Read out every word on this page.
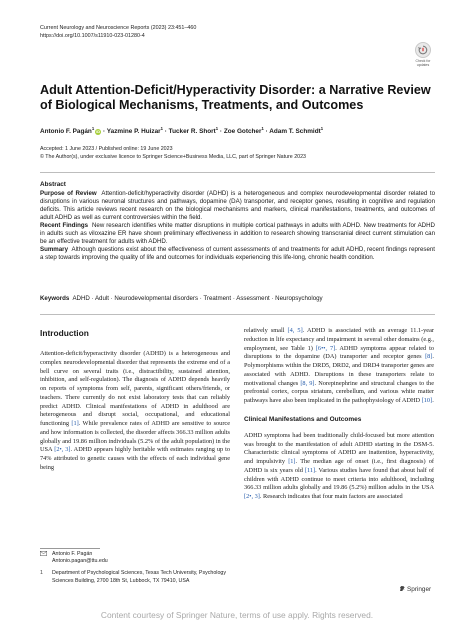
Current Neurology and Neuroscience Reports (2023) 23:451–460
https://doi.org/10.1007/s11910-023-01280-4
Check for
updates
Adult Attention-Deficit/Hyperactivity Disorder: a Narrative Review of Biological Mechanisms, Treatments, and Outcomes
Antonio F. Pagán$^1$iD · Yazmine P. Huizar$^1$ · Tucker R. Short$^1$ · Zoe Gotcher$^1$ · Adam T. Schmidt$^1$
Accepted: 1 June 2023 / Published online: 19 June 2023
© The Author(s), under exclusive licence to Springer Science+Business Media, LLC, part of Springer Nature 2023
Abstract

Purpose of Review Attention-deficit/hyperactivity disorder (ADHD) is a heterogeneous and complex neurodevelopmental disorder related to disruptions in various neuronal structures and pathways, dopamine (DA) transporter, and receptor genes, resulting in cognitive and regulation deficits. This article reviews recent research on the biological mechanisms and markers, clinical manifestations, treatments, and outcomes of adult ADHD as well as current controversies within the field.

Recent Findings New research identifies white matter disruptions in multiple cortical pathways in adults with ADHD. New treatments for ADHD in adults such as viloxazine ER have shown preliminary effectiveness in addition to research showing transcranial direct current stimulation can be an effective treatment for adults with ADHD.

Summary Although questions exist about the effectiveness of current assessments of and treatments for adult ADHD, recent findings represent a step towards improving the quality of life and outcomes for individuals experiencing this life-long, chronic health condition.

Keywords ADHD · Adult · Neurodevelopmental disorders · Treatment · Assessment · Neuropsychology
Introduction

Attention-deficit/hyperactivity disorder (ADHD) is a heterogeneous and complex neurodevelopmental disorder that represents the extreme end of a bell curve on several traits (i.e., distractibility, sustained attention, inhibition, and self-regulation). The diagnosis of ADHD depends heavily on reports of symptoms from self, parents, significant others/friends, or teachers. There currently do not exist laboratory tests that can reliably predict ADHD. Clinical manifestations of ADHD in adulthood are heterogeneous and disrupt social, occupational, and educational functioning [1]. While prevalence rates of ADHD are sensitive to source and how information is collected, the disorder affects 366.33 million adults globally and 19.86 million individuals (5.2% of the adult population) in the USA [2•, 3]. ADHD appears highly heritable with estimates ranging up to 74% attributed to genetic causes with the effects of each individual gene being

relatively small [4, 5]. ADHD is associated with an average 11.1-year reduction in life expectancy and impairment in several other domains (e.g., employment, see Table 1) [6••, 7]. ADHD symptoms appear related to disruptions to the dopamine (DA) transporter and receptor genes [8]. Polymorphisms within the DRD5, DRD2, and DRD4 transporter genes are associated with ADHD. Disruptions in these transporters relate to motivational changes [8, 9]. Norepinephrine and structural changes to the prefrontal cortex, corpus striatum, cerebellum, and various white matter pathways have also been implicated in the pathophysiology of ADHD [10].

Clinical Manifestations and Outcomes

ADHD symptoms had been traditionally child-focused but more attention was brought to the manifestation of adult ADHD starting in the DSM-5. Characteristic clinical symptoms of ADHD are inattention, hyperactivity, and impulsivity [1]. The median age of onset (i.e., first diagnosis) of ADHD is six years old [11]. Various studies have found that about half of children with ADHD continue to meet criteria into adulthood, including 366.33 million adults globally and 19.86 (5.2%) million adults in the USA [2•, 3]. Research indicates that four main factors are associated

Antonio F. Pagán
Antonio.pagan@ttu.edu
1	Department of Psychological Sciences, Texas Tech University, Psychology Sciences Building, 2700 18th St, Lubbock, TX 79410, USA
Springer
Content courtesy of Springer Nature, terms of use apply. Rights reserved.
